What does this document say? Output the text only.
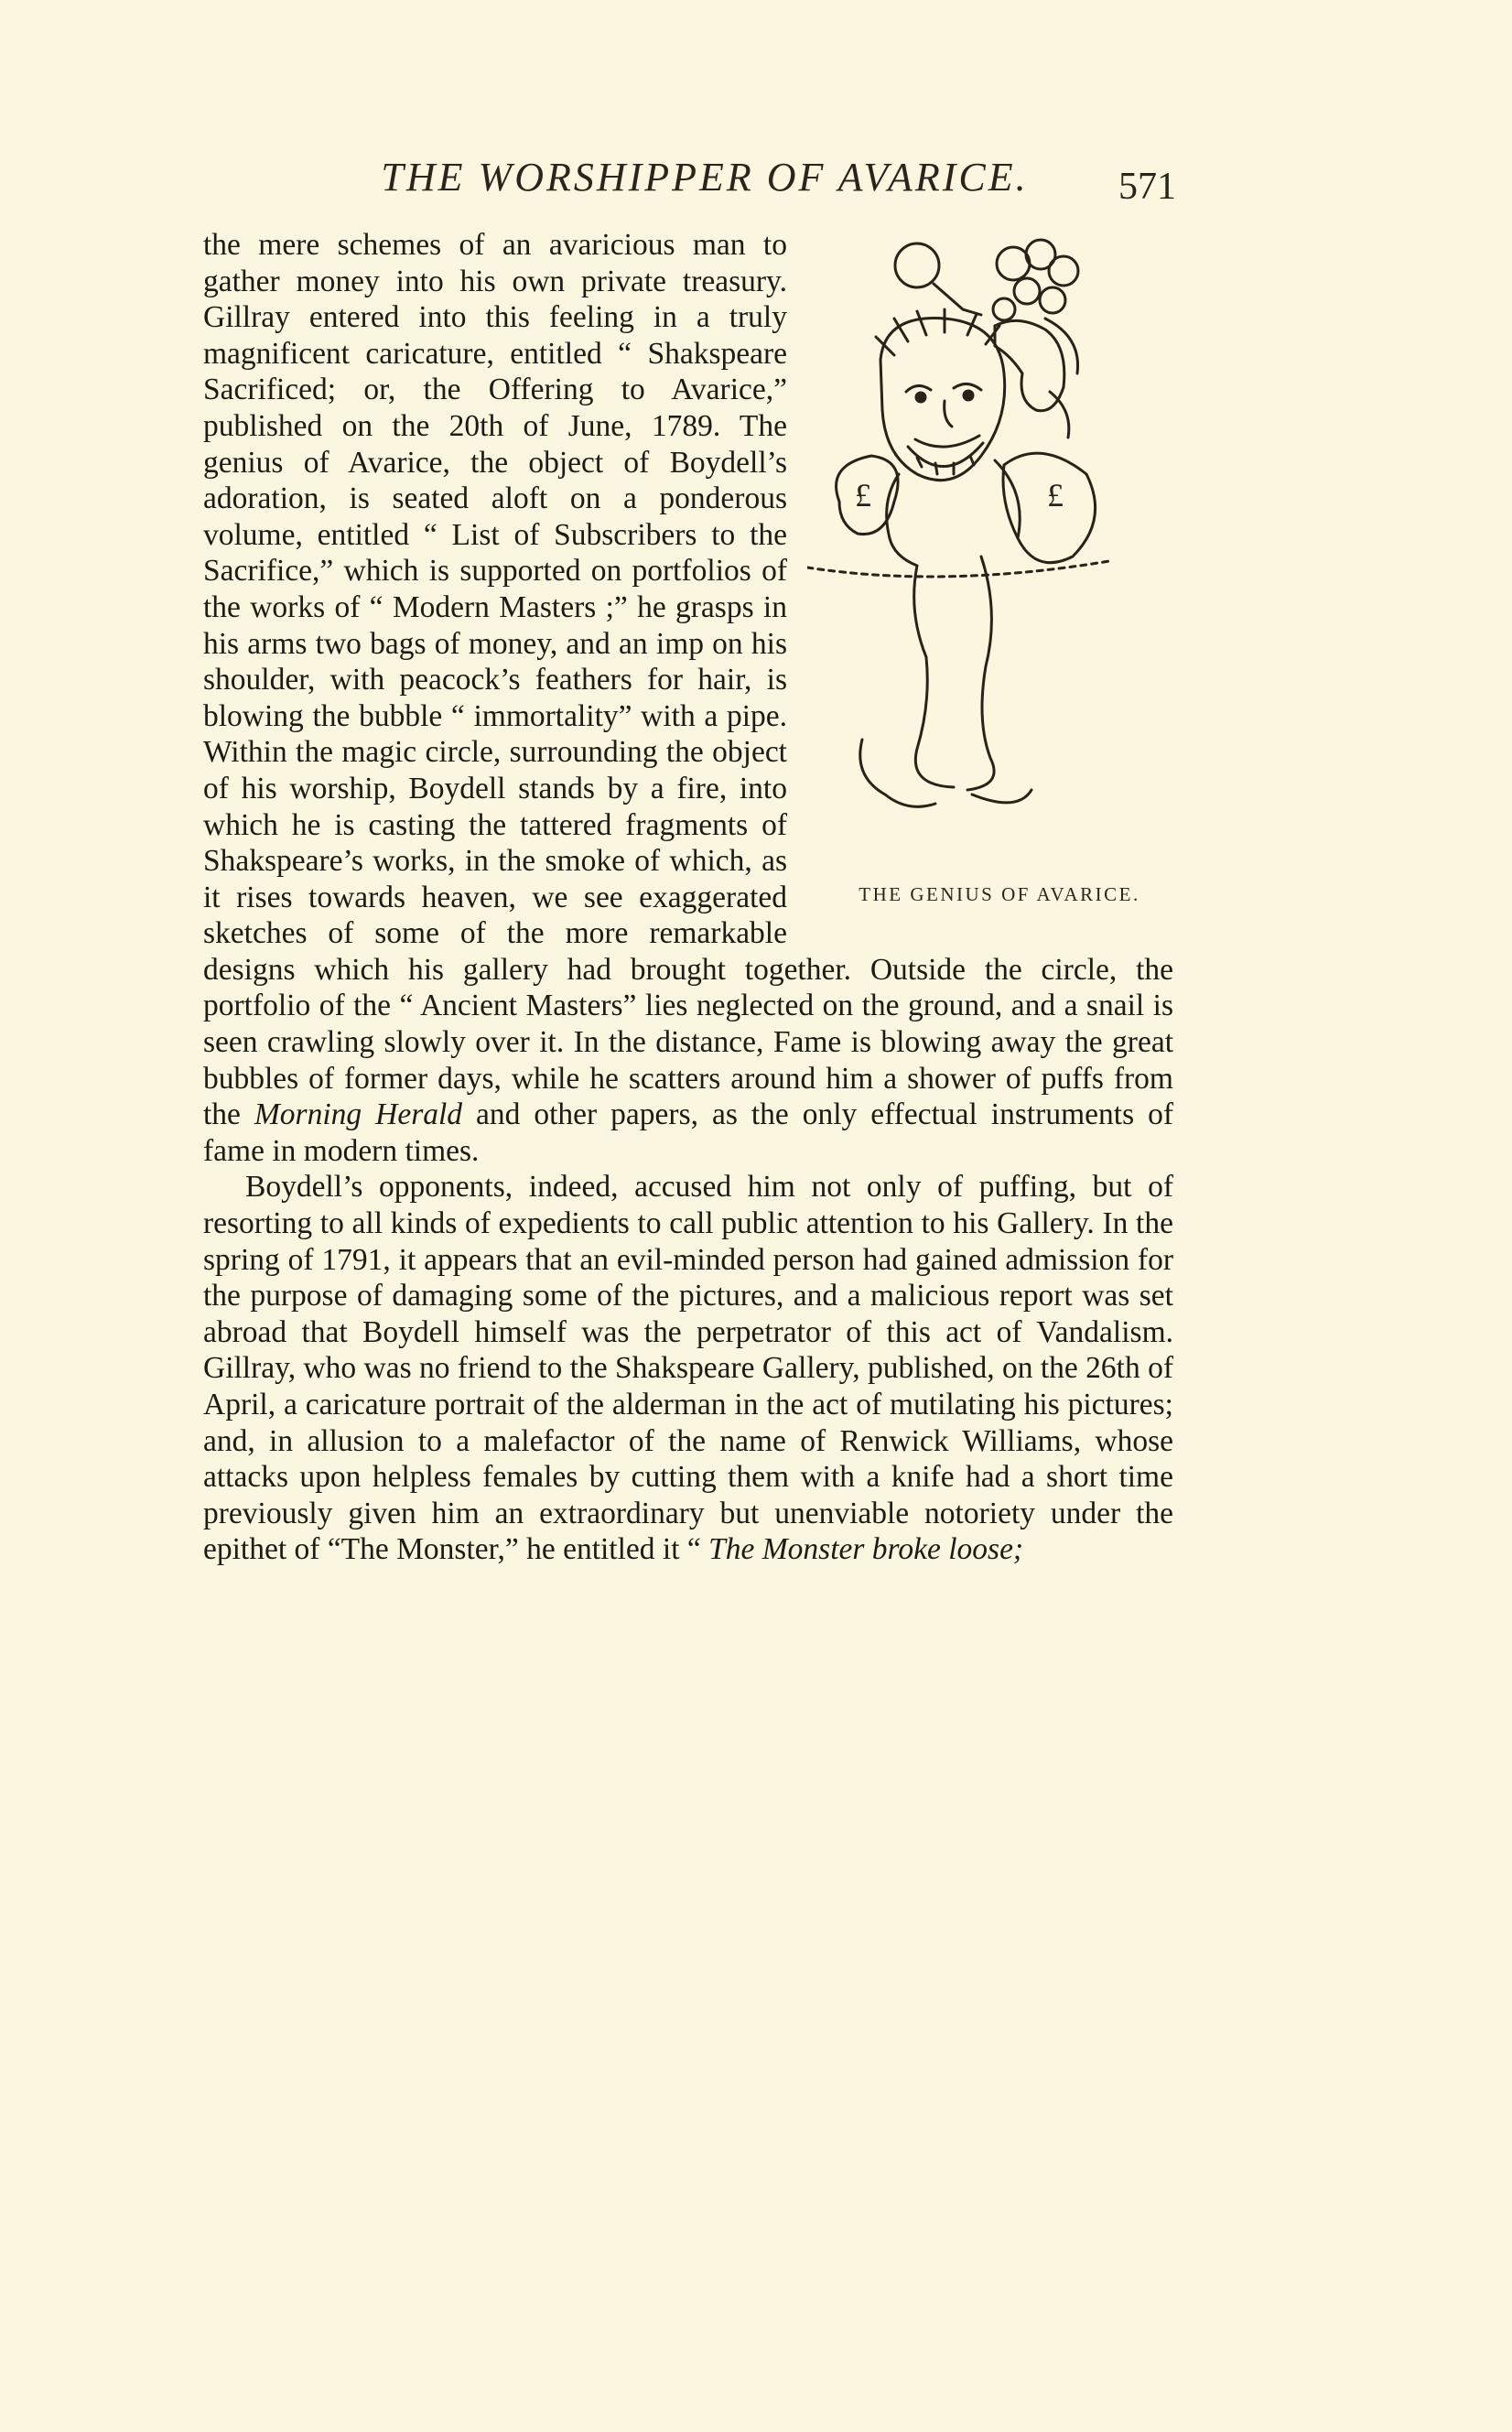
THE WORSHIPPER OF AVARICE.	571
£	£
THE GENIUS OF AVARICE.

the mere schemes of an avaricious man to gather money into his own private treasury. Gillray entered into this feeling in a truly magnificent caricature, entitled “ Shakspeare Sacrificed; or, the Offering to Avarice,” published on the 20th of June, 1789. The genius of Avarice, the object of Boydell’s adoration, is seated aloft on a ponderous volume, entitled “ List of Subscribers to the Sacrifice,” which is supported on portfolios of the works of “ Modern Masters ;” he grasps in his arms two bags of money, and an imp on his shoulder, with peacock’s feathers for hair, is blowing the bubble “ immortality” with a pipe. Within the magic circle, surrounding the object of his worship, Boydell stands by a fire, into which he is casting the tattered fragments of Shakspeare’s works, in the smoke of which, as it rises towards heaven, we see exaggerated sketches of some of the more remarkable designs which his gallery had brought together. Outside the circle, the portfolio of the “ Ancient Masters” lies neglected on the ground, and a snail is seen crawling slowly over it. In the distance, Fame is blowing away the great bubbles of former days, while he scatters around him a shower of puffs from the Morning Herald and other papers, as the only effectual instruments of fame in modern times.

Boydell’s opponents, indeed, accused him not only of puffing, but of resorting to all kinds of expedients to call public attention to his Gallery. In the spring of 1791, it appears that an evil-minded person had gained admission for the purpose of damaging some of the pictures, and a malicious report was set abroad that Boydell himself was the perpetrator of this act of Vandalism. Gillray, who was no friend to the Shakspeare Gallery, published, on the 26th of April, a caricature portrait of the alderman in the act of mutilating his pictures; and, in allusion to a malefactor of the name of Renwick Williams, whose attacks upon helpless females by cutting them with a knife had a short time previously given him an extraordinary but unenviable notoriety under the epithet of “The Monster,” he entitled it “ The Monster broke loose;
